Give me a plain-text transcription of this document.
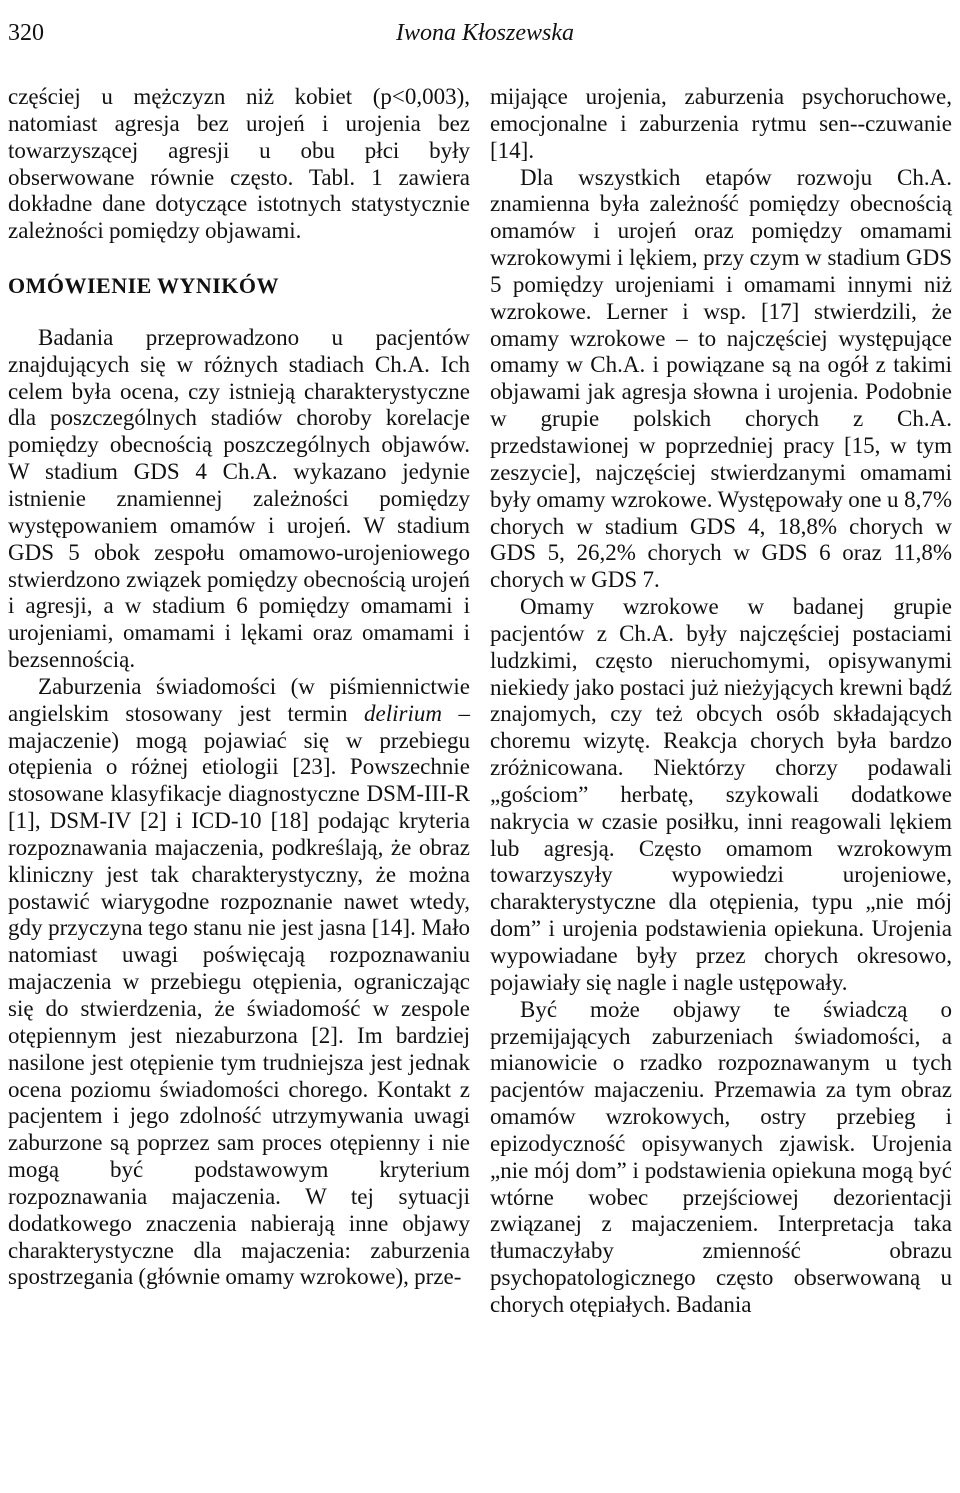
320	Iwona Kłoszewska

częściej u mężczyzn niż kobiet (p<0,003), natomiast agresja bez urojeń i urojenia bez towarzyszącej agresji u obu płci były obserwowane równie często. Tabl. 1 zawiera dokładne dane dotyczące istotnych statystycznie zależności pomiędzy objawami.

OMÓWIENIE WYNIKÓW

Badania przeprowadzono u pacjentów znajdujących się w różnych stadiach Ch.A. Ich celem była ocena, czy istnieją charakterystyczne dla poszczególnych stadiów choroby korelacje pomiędzy obecnością poszczególnych objawów. W stadium GDS 4 Ch.A. wykazano jedynie istnienie znamiennej zależności pomiędzy występowaniem omamów i urojeń. W stadium GDS 5 obok zespołu omamowo-urojeniowego stwierdzono związek pomiędzy obecnością urojeń i agresji, a w stadium 6 pomiędzy omamami i urojeniami, omamami i lękami oraz omamami i bezsennością.

Zaburzenia świadomości (w piśmiennictwie angielskim stosowany jest termin delirium – majaczenie) mogą pojawiać się w przebiegu otępienia o różnej etiologii [23]. Powszechnie stosowane klasyfikacje diagnostyczne DSM-III-R [1], DSM-IV [2] i ICD-10 [18] podając kryteria rozpoznawania majaczenia, podkreślają, że obraz kliniczny jest tak charakterystyczny, że można postawić wiarygodne rozpoznanie nawet wtedy, gdy przyczyna tego stanu nie jest jasna [14]. Mało natomiast uwagi poświęcają rozpoznawaniu majaczenia w przebiegu otępienia, ograniczając się do stwierdzenia, że świadomość w zespole otępiennym jest niezaburzona [2]. Im bardziej nasilone jest otępienie tym trudniejsza jest jednak ocena poziomu świadomości chorego. Kontakt z pacjentem i jego zdolność utrzymywania uwagi zaburzone są poprzez sam proces otępienny i nie mogą być podstawowym kryterium rozpoznawania majaczenia. W tej sytuacji dodatkowego znaczenia nabierają inne objawy charakterystyczne dla majaczenia: zaburzenia spostrzegania (głównie omamy wzrokowe), prze-

mijające urojenia, zaburzenia psychoruchowe, emocjonalne i zaburzenia rytmu sen--czuwanie [14].

Dla wszystkich etapów rozwoju Ch.A. znamienna była zależność pomiędzy obecnością omamów i urojeń oraz pomiędzy omamami wzrokowymi i lękiem, przy czym w stadium GDS 5 pomiędzy urojeniami i omamami innymi niż wzrokowe. Lerner i wsp. [17] stwierdzili, że omamy wzrokowe – to najczęściej występujące omamy w Ch.A. i powiązane są na ogół z takimi objawami jak agresja słowna i urojenia. Podobnie w grupie polskich chorych z Ch.A. przedstawionej w poprzedniej pracy [15, w tym zeszycie], najczęściej stwierdzanymi omamami były omamy wzrokowe. Występowały one u 8,7% chorych w stadium GDS 4, 18,8% chorych w GDS 5, 26,2% chorych w GDS 6 oraz 11,8% chorych w GDS 7.

Omamy wzrokowe w badanej grupie pacjentów z Ch.A. były najczęściej postaciami ludzkimi, często nieruchomymi, opisywanymi niekiedy jako postaci już nieżyjących krewni bądź znajomych, czy też obcych osób składających choremu wizytę. Reakcja chorych była bardzo zróżnicowana. Niektórzy chorzy podawali „gościom” herbatę, szykowali dodatkowe nakrycia w czasie posiłku, inni reagowali lękiem lub agresją. Często omamom wzrokowym towarzyszyły wypowiedzi urojeniowe, charakterystyczne dla otępienia, typu „nie mój dom” i urojenia podstawienia opiekuna. Urojenia wypowiadane były przez chorych okresowo, pojawiały się nagle i nagle ustępowały.

Być może objawy te świadczą o przemijających zaburzeniach świadomości, a mianowicie o rzadko rozpoznawanym u tych pacjentów majaczeniu. Przemawia za tym obraz omamów wzrokowych, ostry przebieg i epizodyczność opisywanych zjawisk. Urojenia „nie mój dom” i podstawienia opiekuna mogą być wtórne wobec przejściowej dezorientacji związanej z majaczeniem. Interpretacja taka tłumaczyłaby zmienność obrazu psychopatologicznego często obserwowaną u chorych otępiałych. Badania
